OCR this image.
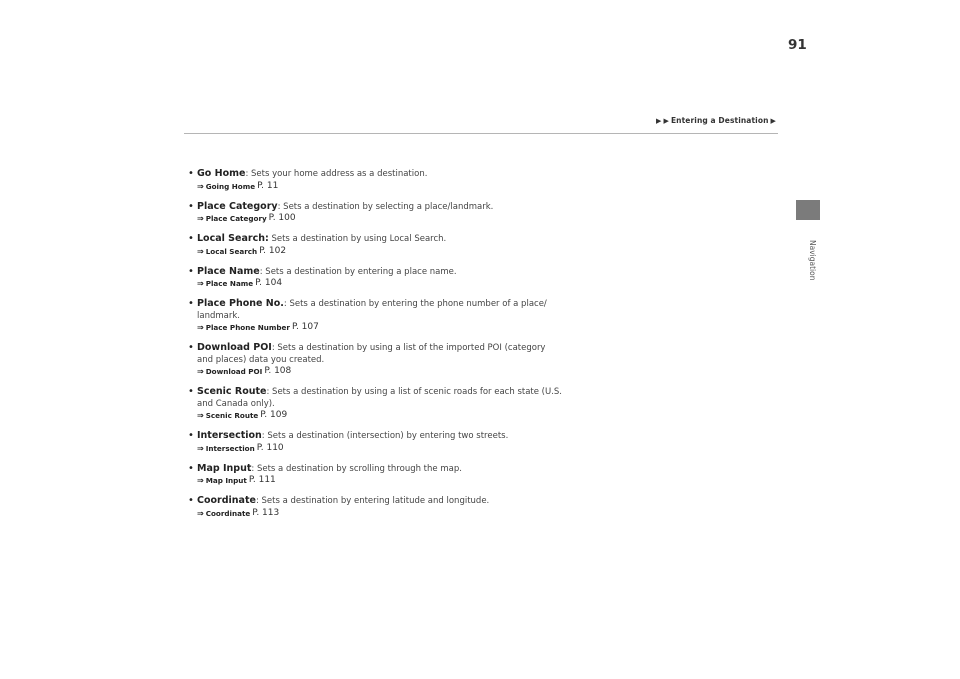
91
▶ ▶ Entering a Destination ▶
Navigation
• Go Home: Sets your home address as a destination.
⇒ Going Home P. 11
• Place Category: Sets a destination by selecting a place/landmark.
⇒ Place Category P. 100
• Local Search: Sets a destination by using Local Search.
⇒ Local Search P. 102
• Place Name: Sets a destination by entering a place name.
⇒ Place Name P. 104
• Place Phone No.: Sets a destination by entering the phone number of a place/
landmark.
⇒ Place Phone Number P. 107
• Download POI: Sets a destination by using a list of the imported POI (category
and places) data you created.
⇒ Download POI P. 108
• Scenic Route: Sets a destination by using a list of scenic roads for each state (U.S.
and Canada only).
⇒ Scenic Route P. 109
• Intersection: Sets a destination (intersection) by entering two streets.
⇒ Intersection P. 110
• Map Input: Sets a destination by scrolling through the map.
⇒ Map Input P. 111
• Coordinate: Sets a destination by entering latitude and longitude.
⇒ Coordinate P. 113
